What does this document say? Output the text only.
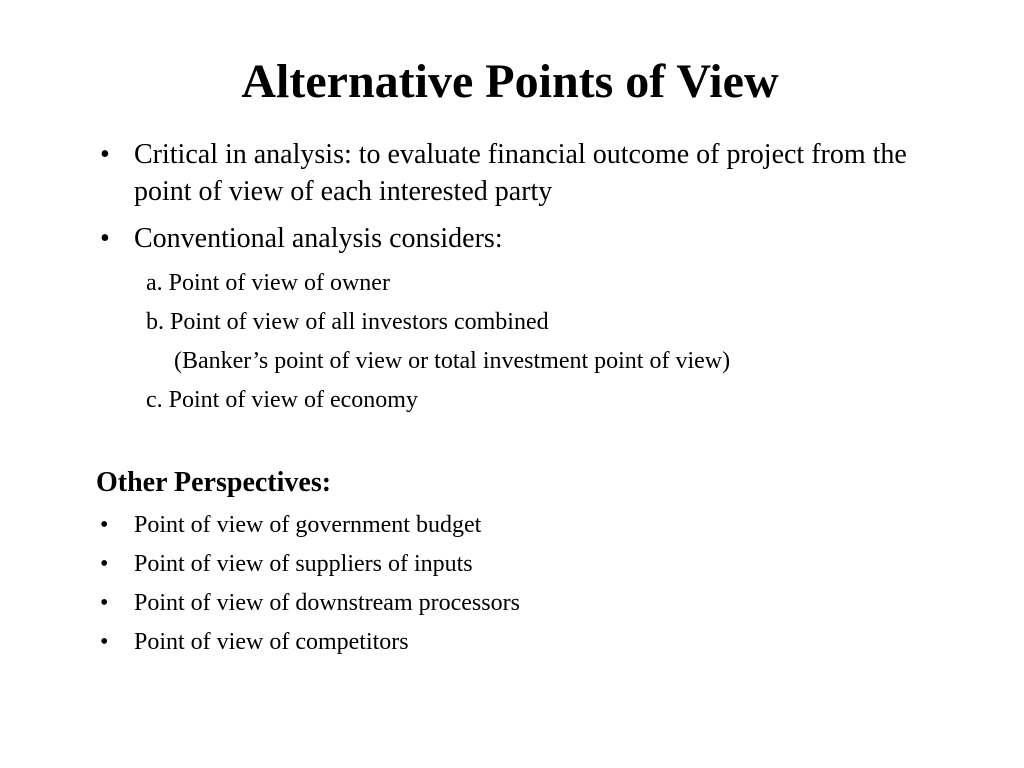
Alternative Points of View
• Critical in analysis: to evaluate financial outcome of project from the point of view of each interested party
• Conventional analysis considers:
a. Point of view of owner
b. Point of view of all investors combined
(Banker’s point of view or total investment point of view)
c. Point of view of economy
Other Perspectives:
• Point of view of government budget
• Point of view of suppliers of inputs
• Point of view of downstream processors
• Point of view of competitors
